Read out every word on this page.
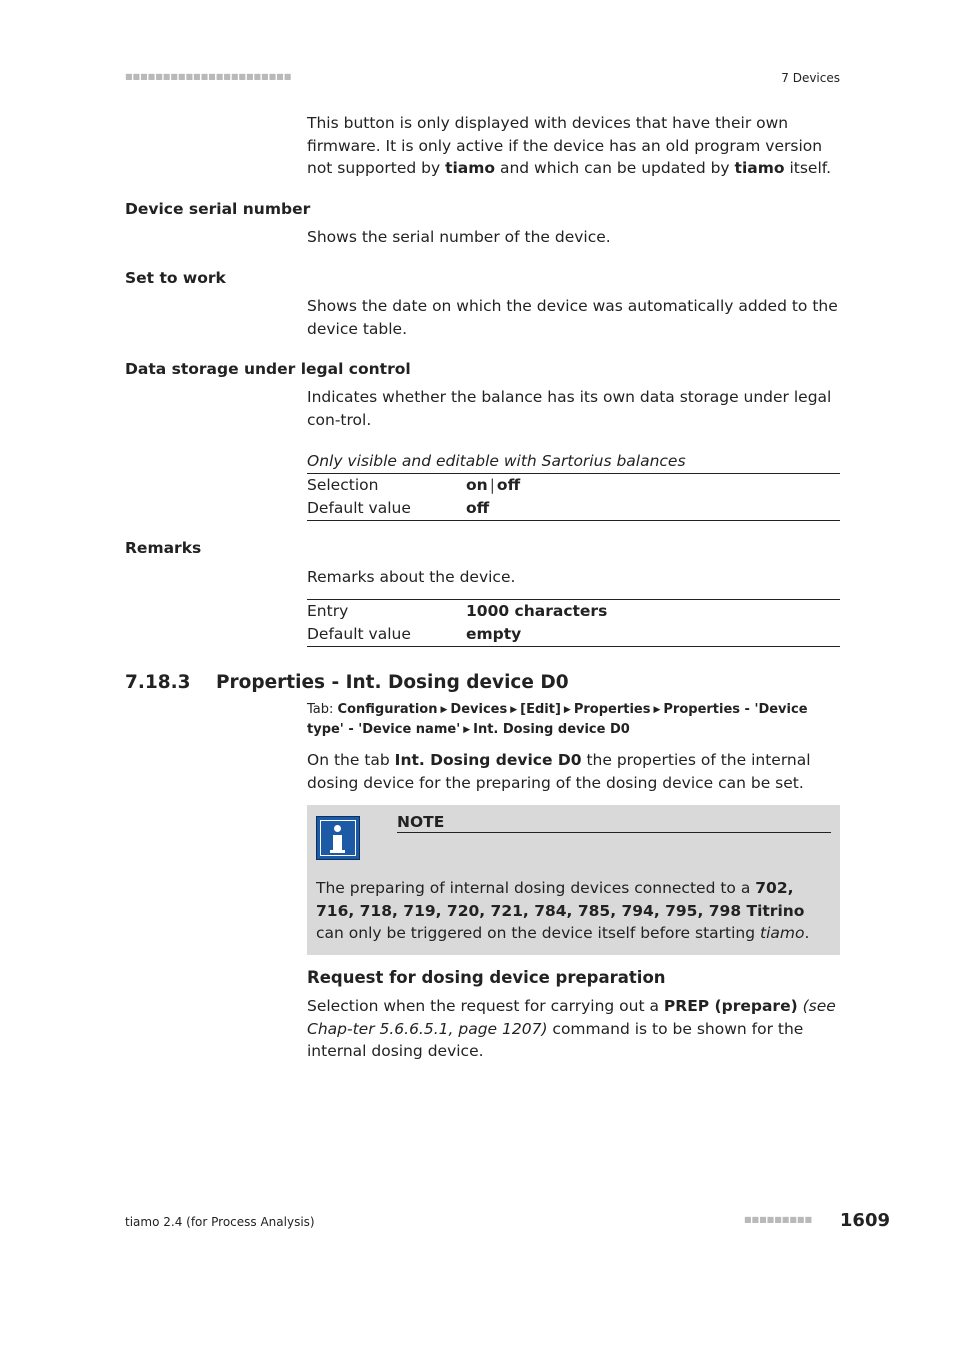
■■■■■■■■■■■■■■■■■■■■■■	7 Devices
This button is only displayed with devices that have their own firmware. It is only active if the device has an old program version not supported by tiamo and which can be updated by tiamo itself.
Device serial number
Shows the serial number of the device.
Set to work
Shows the date on which the device was automatically added to the device table.
Data storage under legal control
Indicates whether the balance has its own data storage under legal con-trol.
Only visible and editable with Sartorius balances
Selection	on | off
Default value	off
Remarks
Remarks about the device.
Entry	1000 characters
Default value	empty
7.18.3 Properties - Int. Dosing device D0
Tab: Configuration ▶ Devices ▶ [Edit] ▶ Properties ▶ Properties - 'Device type' - 'Device name' ▶ Int. Dosing device D0
On the tab Int. Dosing device D0 the properties of the internal dosing device for the preparing of the dosing device can be set.
NOTE
The preparing of internal dosing devices connected to a 702, 716, 718, 719, 720, 721, 784, 785, 794, 795, 798 Titrino can only be triggered on the device itself before starting tiamo.
Request for dosing device preparation
Selection when the request for carrying out a PREP (prepare) (see Chap-ter 5.6.6.5.1, page 1207) command is to be shown for the internal dosing device.
tiamo 2.4 (for Process Analysis)	■■■■■■■■■ 1609
